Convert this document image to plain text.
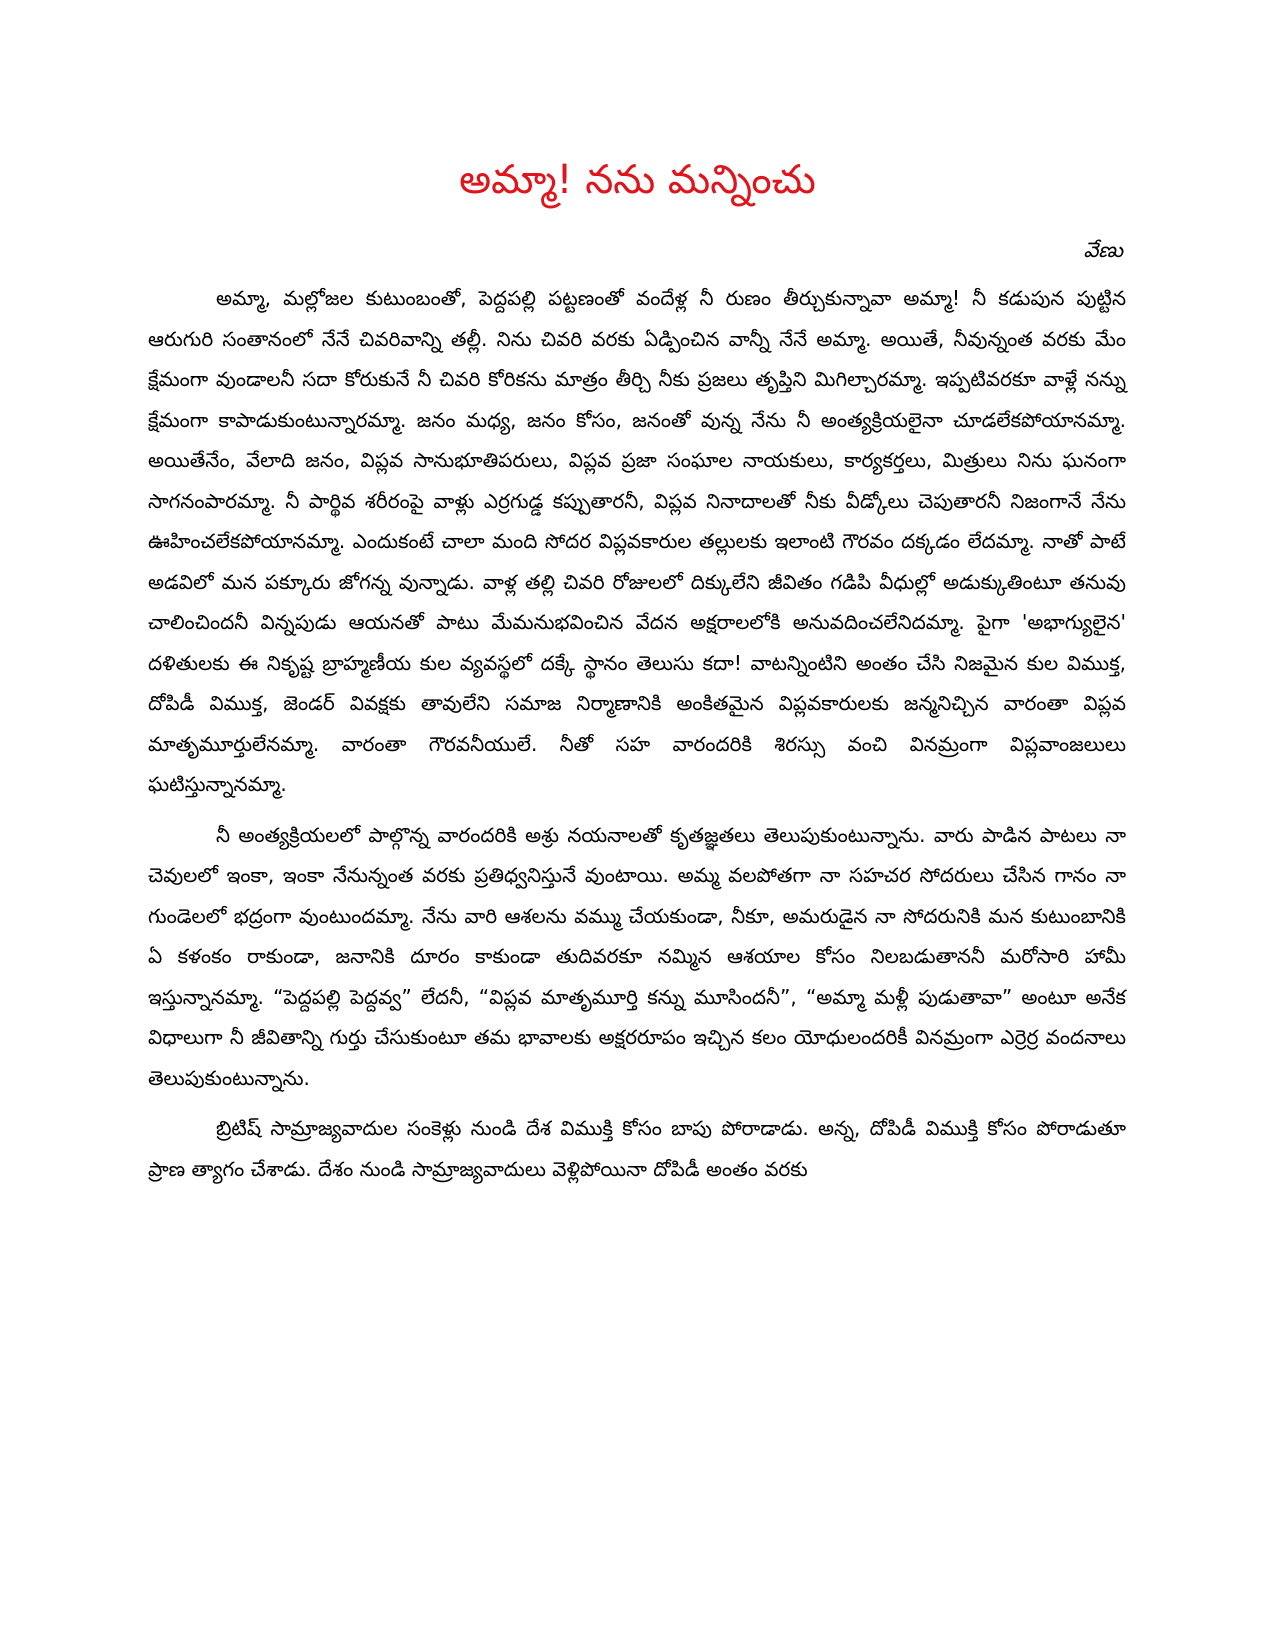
అమ్మా! నను మన్నించు
వేణు

అమ్మా, మల్లోజల కుటుంబంతో, పెద్దపల్లి పట్టణంతో వందేళ్ల నీ రుణం తీర్చుకున్నావా అమ్మా! నీ కడుపున పుట్టిన ఆరుగురి సంతానంలో నేనే చివరివాన్ని తల్లీ. నిను చివరి వరకు ఏడ్పించిన వాన్నీ నేనే అమ్మా. అయితే, నీవున్నంత వరకు మేం క్షేమంగా వుండాలనీ సదా కోరుకునే నీ చివరి కోరికను మాత్రం తీర్చి నీకు ప్రజలు తృప్తిని మిగిల్చారమ్మా. ఇప్పటివరకూ వాళ్లే నన్ను క్షేమంగా కాపాడుకుంటున్నారమ్మా. జనం మధ్య, జనం కోసం, జనంతో వున్న నేను నీ అంత్యక్రియలైనా చూడలేకపోయానమ్మా. అయితేనేం, వేలాది జనం, విప్లవ సానుభూతిపరులు, విప్లవ ప్రజా సంఘాల నాయకులు, కార్యకర్తలు, మిత్రులు నిను ఘనంగా సాగనంపారమ్మా. నీ పార్థివ శరీరంపై వాళ్లు ఎర్రగుడ్డ కప్పుతారనీ, విప్లవ నినాదాలతో నీకు వీడ్కోలు చెపుతారనీ నిజంగానే నేను ఊహించలేకపోయానమ్మా. ఎందుకంటే చాలా మంది సోదర విప్లవకారుల తల్లులకు ఇలాంటి గౌరవం దక్కడం లేదమ్మా. నాతో పాటే అడవిలో మన పక్కూరు జోగన్న వున్నాడు. వాళ్ల తల్లి చివరి రోజులలో దిక్కులేని జీవితం గడిపి వీధుల్లో అడుక్కుతింటూ తనువు చాలించిందనీ విన్నపుడు ఆయనతో పాటు మేమనుభవించిన వేదన అక్షరాలలోకి అనువదించలేనిదమ్మా. పైగా 'అభాగ్యులైన' దళితులకు ఈ నికృష్ట బ్రాహ్మణీయ కుల వ్యవస్థలో దక్కే స్థానం తెలుసు కదా! వాటన్నింటిని అంతం చేసి నిజమైన కుల విముక్త, దోపిడీ విముక్త, జెండర్ వివక్షకు తావులేని సమాజ నిర్మాణానికి అంకితమైన విప్లవకారులకు జన్మనిచ్చిన వారంతా విప్లవ మాతృమూర్తులేనమ్మా. వారంతా గౌరవనీయులే. నీతో సహ వారందరికి శిరస్సు వంచి వినమ్రంగా విప్లవాంజలులు ఘటిస్తున్నానమ్మా.

నీ అంత్యక్రియలలో పాల్గొన్న వారందరికి అశ్రు నయనాలతో కృతజ్ఞతలు తెలుపుకుంటున్నాను. వారు పాడిన పాటలు నా చెవులలో ఇంకా, ఇంకా నేనున్నంత వరకు ప్రతిధ్వనిస్తునే వుంటాయి. అమ్మ వలపోతగా నా సహచర సోదరులు చేసిన గానం నా గుండెలలో భద్రంగా వుంటుందమ్మా. నేను వారి ఆశలను వమ్ము చేయకుండా, నీకూ, అమరుడైన నా సోదరునికి మన కుటుంబానికి ఏ కళంకం రాకుండా, జనానికి దూరం కాకుండా తుదివరకూ నమ్మిన ఆశయాల కోసం నిలబడుతాననీ మరోసారి హామీ ఇస్తున్నానమ్మా. “పెద్దపల్లి పెద్దవ్వ” లేదనీ, “విప్లవ మాతృమూర్తి కన్ను మూసిందనీ”, “అమ్మా మళ్లీ పుడుతావా” అంటూ అనేక విధాలుగా నీ జీవితాన్ని గుర్తు చేసుకుంటూ తమ భావాలకు అక్షరరూపం ఇచ్చిన కలం యోధులందరికీ వినమ్రంగా ఎర్రెర్ర వందనాలు తెలుపుకుంటున్నాను.

బ్రిటిష్ సామ్రాజ్యవాదుల సంకెళ్లు నుండి దేశ విముక్తి కోసం బాపు పోరాడాడు. అన్న, దోపిడీ విముక్తి కోసం పోరాడుతూ ప్రాణ త్యాగం చేశాడు. దేశం నుండి సామ్రాజ్యవాదులు వెళ్లిపోయినా దోపిడీ అంతం వరకు
